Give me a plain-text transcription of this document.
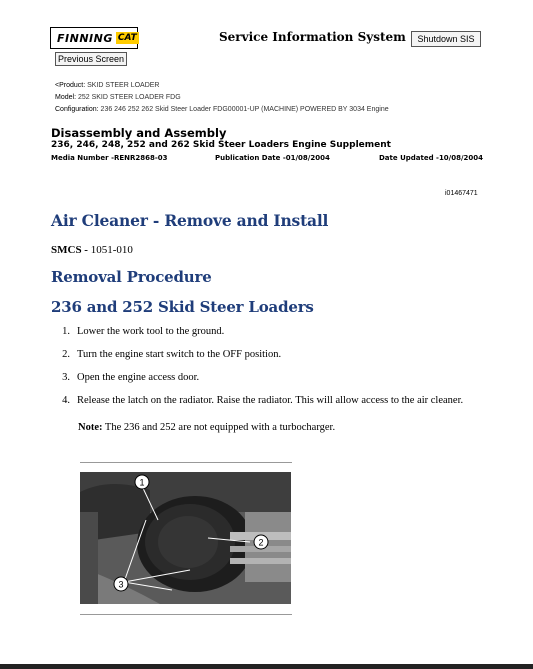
FINNING CAT	Service Information System	Shutdown SIS
Previous Screen
<Product: SKID STEER LOADER
Model: 252 SKID STEER LOADER FDG
Configuration: 236 246 252 262 Skid Steer Loader FDG00001-UP (MACHINE) POWERED BY 3034 Engine
Disassembly and Assembly
236, 246, 248, 252 and 262 Skid Steer Loaders Engine Supplement
Media Number -RENR2868-03	Publication Date -01/08/2004	Date Updated -10/08/2004
i01467471
Air Cleaner - Remove and Install
SMCS - 1051-010
Removal Procedure
236 and 252 Skid Steer Loaders
1. Lower the work tool to the ground.
2. Turn the engine start switch to the OFF position.
3. Open the engine access door.
4. Release the latch on the radiator. Raise the radiator. This will allow access to the air cleaner.
Note: The 236 and 252 are not equipped with a turbocharger.
1
2
3
